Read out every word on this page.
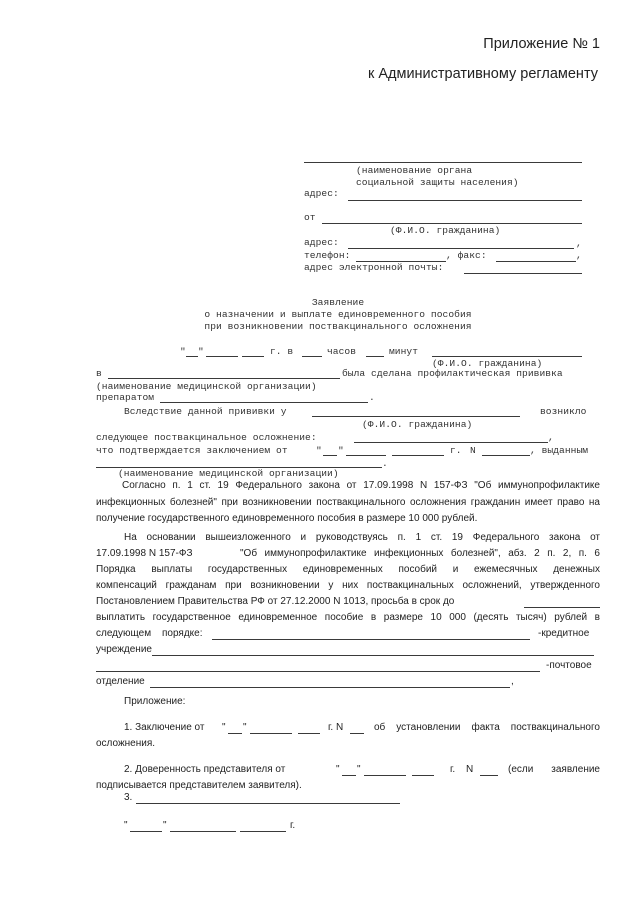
Приложение № 1
к Административному регламенту
(наименование органа
социальной защиты населения)
адрес:
от
(Ф.И.О. гражданина)
адрес:	,
телефон:	, факс:	,
адрес электронной почты:
Заявление
о назначении и выплате единовременного пособия
при возникновении поствакцинального осложнения
" "	г. в	часов	минут
(Ф.И.О. гражданина)
в	была сделана профилактическая прививка
(наименование медицинской организации)
препаратом	.
Вследствие данной прививки у	возникло
(Ф.И.О. гражданина)
следующее поствакцинальное осложнение:	,
что подтверждается заключением от	" "	г. N	, выданным
.
(наименование медицинской организации)
Согласно п. 1 ст. 19 Федерального закона от 17.09.1998 N 157-ФЗ "Об иммунопрофилактике инфекционных болезней" при возникновении поствакцинального осложнения гражданин имеет право на получение государственного единовременного пособия в размере 10 000 рублей.
На основании вышеизложенного и руководствуясь п. 1 ст. 19 Федерального закона от
17.09.1998 N 157-ФЗ	"Об иммунопрофилактике инфекционных болезней", абз. 2 п. 2, п. 6
Порядка выплаты государственных единовременных пособий и ежемесячных денежных
компенсаций гражданам при возникновении у них поствакцинальных осложнений, утвержденного
Постановлением Правительства РФ от 27.12.2000 N 1013, просьба в срок до
выплатить государственное единовременное пособие в размере 10 000 (десять тысяч) рублей в
следующем порядке:	-кредитное
учреждение
-почтовое
отделение	,
Приложение:
1. Заключение от " "	г. N	об установлении факта поствакцинального
осложнения.
2. Доверенность представителя от	" "	г. N	(если заявление
подписывается представителем заявителя).
3.
"	"	г.
